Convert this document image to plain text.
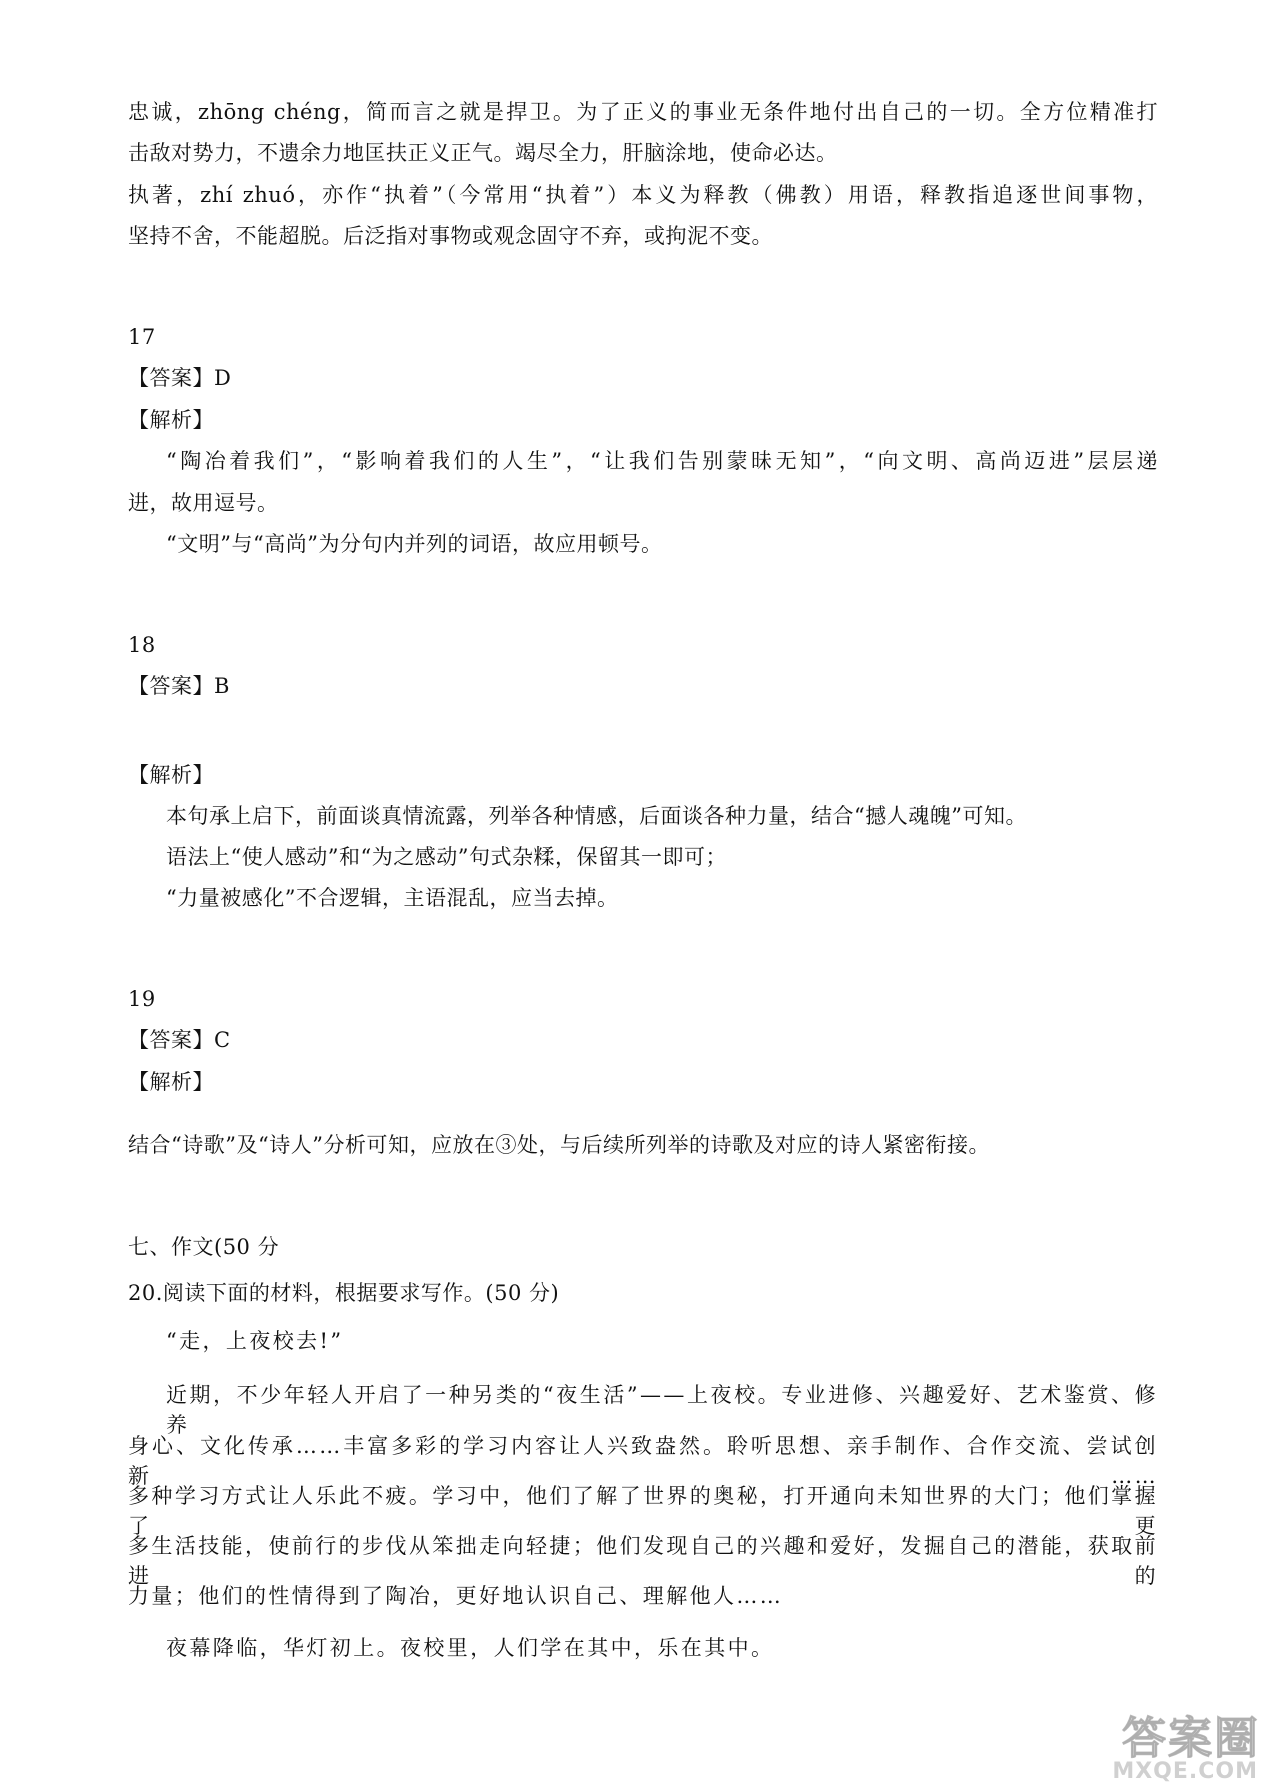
忠诚，zhōng chéng，简而言之就是捍卫。为了正义的事业无条件地付出自己的一切。全方位精准打
击敌对势力，不遗余力地匡扶正义正气。竭尽全力，肝脑涂地，使命必达。
执著，zhí zhuó，亦作“执着”（今常用“执着”）本义为释教（佛教）用语，释教指追逐世间事物，
坚持不舍，不能超脱。后泛指对事物或观念固守不弃，或拘泥不变。
17
【答案】D
【解析】
“陶冶着我们”，“影响着我们的人生”，“让我们告别蒙昧无知”，“向文明、高尚迈进”层层递
进，故用逗号。
“文明”与“高尚”为分句内并列的词语，故应用顿号。
18
【答案】B
【解析】
本句承上启下，前面谈真情流露，列举各种情感，后面谈各种力量，结合“撼人魂魄”可知。
语法上“使人感动”和“为之感动”句式杂糅，保留其一即可；
“力量被感化”不合逻辑，主语混乱，应当去掉。
19
【答案】C
【解析】
结合“诗歌”及“诗人”分析可知，应放在③处，与后续所列举的诗歌及对应的诗人紧密衔接。
七、作文(50 分
20.阅读下面的材料，根据要求写作。(50 分)
“走，上夜校去!”
近期，不少年轻人开启了一种另类的“夜生活”——上夜校。专业进修、兴趣爱好、艺术鉴赏、修养
身心、文化传承……丰富多彩的学习内容让人兴致盎然。聆听思想、亲手制作、合作交流、尝试创新……
多种学习方式让人乐此不疲。学习中，他们了解了世界的奥秘，打开通向未知世界的大门；他们掌握了更
多生活技能，使前行的步伐从笨拙走向轻捷；他们发现自己的兴趣和爱好，发掘自己的潜能，获取前进的
力量；他们的性情得到了陶冶，更好地认识自己、理解他人……
夜幕降临，华灯初上。夜校里，人们学在其中，乐在其中。
答案圈
MXQE.COM
